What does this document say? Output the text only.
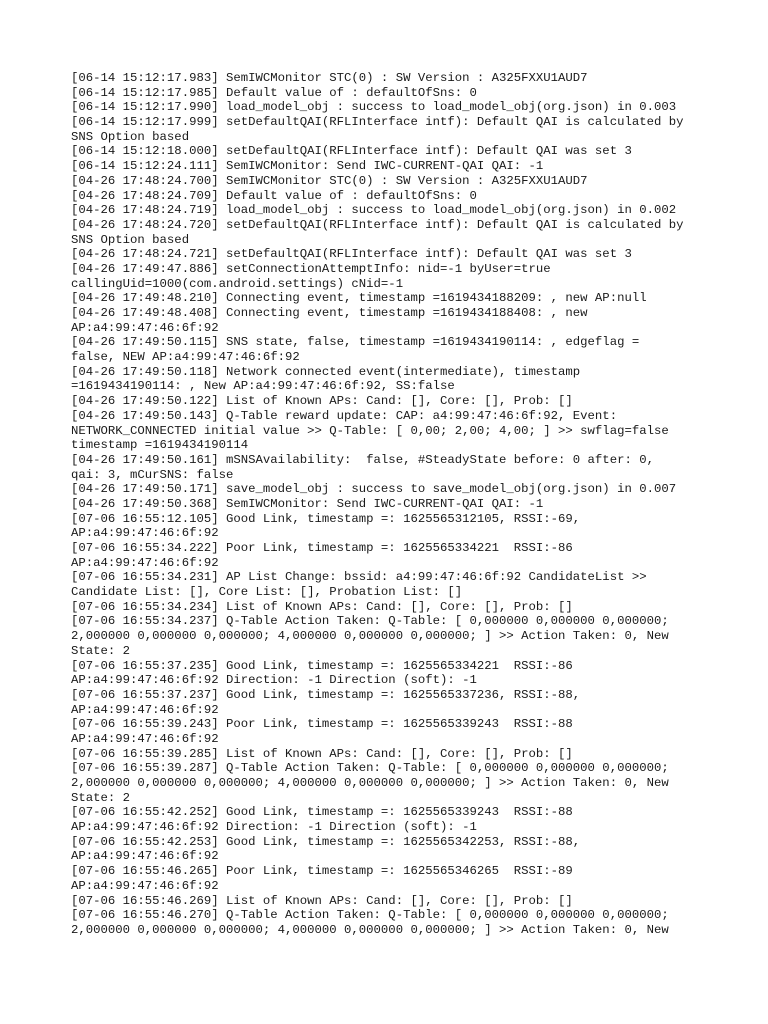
[06-14 15:12:17.983] SemIWCMonitor STC(0) : SW Version : A325FXXU1AUD7
[06-14 15:12:17.985] Default value of : defaultOfSns: 0
[06-14 15:12:17.990] load_model_obj : success to load_model_obj(org.json) in 0.003
[06-14 15:12:17.999] setDefaultQAI(RFLInterface intf): Default QAI is calculated by
SNS Option based
[06-14 15:12:18.000] setDefaultQAI(RFLInterface intf): Default QAI was set 3
[06-14 15:12:24.111] SemIWCMonitor: Send IWC-CURRENT-QAI QAI: -1
[04-26 17:48:24.700] SemIWCMonitor STC(0) : SW Version : A325FXXU1AUD7
[04-26 17:48:24.709] Default value of : defaultOfSns: 0
[04-26 17:48:24.719] load_model_obj : success to load_model_obj(org.json) in 0.002
[04-26 17:48:24.720] setDefaultQAI(RFLInterface intf): Default QAI is calculated by
SNS Option based
[04-26 17:48:24.721] setDefaultQAI(RFLInterface intf): Default QAI was set 3
[04-26 17:49:47.886] setConnectionAttemptInfo: nid=-1 byUser=true
callingUid=1000(com.android.settings) cNid=-1
[04-26 17:49:48.210] Connecting event, timestamp =1619434188209: , new AP:null
[04-26 17:49:48.408] Connecting event, timestamp =1619434188408: , new
AP:a4:99:47:46:6f:92
[04-26 17:49:50.115] SNS state, false, timestamp =1619434190114: , edgeflag =
false, NEW AP:a4:99:47:46:6f:92
[04-26 17:49:50.118] Network connected event(intermediate), timestamp
=1619434190114: , New AP:a4:99:47:46:6f:92, SS:false
[04-26 17:49:50.122] List of Known APs: Cand: [], Core: [], Prob: []
[04-26 17:49:50.143] Q-Table reward update: CAP: a4:99:47:46:6f:92, Event:
NETWORK_CONNECTED initial value >> Q-Table: [ 0,00; 2,00; 4,00; ] >> swflag=false
timestamp =1619434190114
[04-26 17:49:50.161] mSNSAvailability:  false, #SteadyState before: 0 after: 0,
qai: 3, mCurSNS: false
[04-26 17:49:50.171] save_model_obj : success to save_model_obj(org.json) in 0.007
[04-26 17:49:50.368] SemIWCMonitor: Send IWC-CURRENT-QAI QAI: -1
[07-06 16:55:12.105] Good Link, timestamp =: 1625565312105, RSSI:-69,
AP:a4:99:47:46:6f:92
[07-06 16:55:34.222] Poor Link, timestamp =: 1625565334221  RSSI:-86
AP:a4:99:47:46:6f:92
[07-06 16:55:34.231] AP List Change: bssid: a4:99:47:46:6f:92 CandidateList >>
Candidate List: [], Core List: [], Probation List: []
[07-06 16:55:34.234] List of Known APs: Cand: [], Core: [], Prob: []
[07-06 16:55:34.237] Q-Table Action Taken: Q-Table: [ 0,000000 0,000000 0,000000;
2,000000 0,000000 0,000000; 4,000000 0,000000 0,000000; ] >> Action Taken: 0, New
State: 2
[07-06 16:55:37.235] Good Link, timestamp =: 1625565334221  RSSI:-86
AP:a4:99:47:46:6f:92 Direction: -1 Direction (soft): -1
[07-06 16:55:37.237] Good Link, timestamp =: 1625565337236, RSSI:-88,
AP:a4:99:47:46:6f:92
[07-06 16:55:39.243] Poor Link, timestamp =: 1625565339243  RSSI:-88
AP:a4:99:47:46:6f:92
[07-06 16:55:39.285] List of Known APs: Cand: [], Core: [], Prob: []
[07-06 16:55:39.287] Q-Table Action Taken: Q-Table: [ 0,000000 0,000000 0,000000;
2,000000 0,000000 0,000000; 4,000000 0,000000 0,000000; ] >> Action Taken: 0, New
State: 2
[07-06 16:55:42.252] Good Link, timestamp =: 1625565339243  RSSI:-88
AP:a4:99:47:46:6f:92 Direction: -1 Direction (soft): -1
[07-06 16:55:42.253] Good Link, timestamp =: 1625565342253, RSSI:-88,
AP:a4:99:47:46:6f:92
[07-06 16:55:46.265] Poor Link, timestamp =: 1625565346265  RSSI:-89
AP:a4:99:47:46:6f:92
[07-06 16:55:46.269] List of Known APs: Cand: [], Core: [], Prob: []
[07-06 16:55:46.270] Q-Table Action Taken: Q-Table: [ 0,000000 0,000000 0,000000;
2,000000 0,000000 0,000000; 4,000000 0,000000 0,000000; ] >> Action Taken: 0, New
